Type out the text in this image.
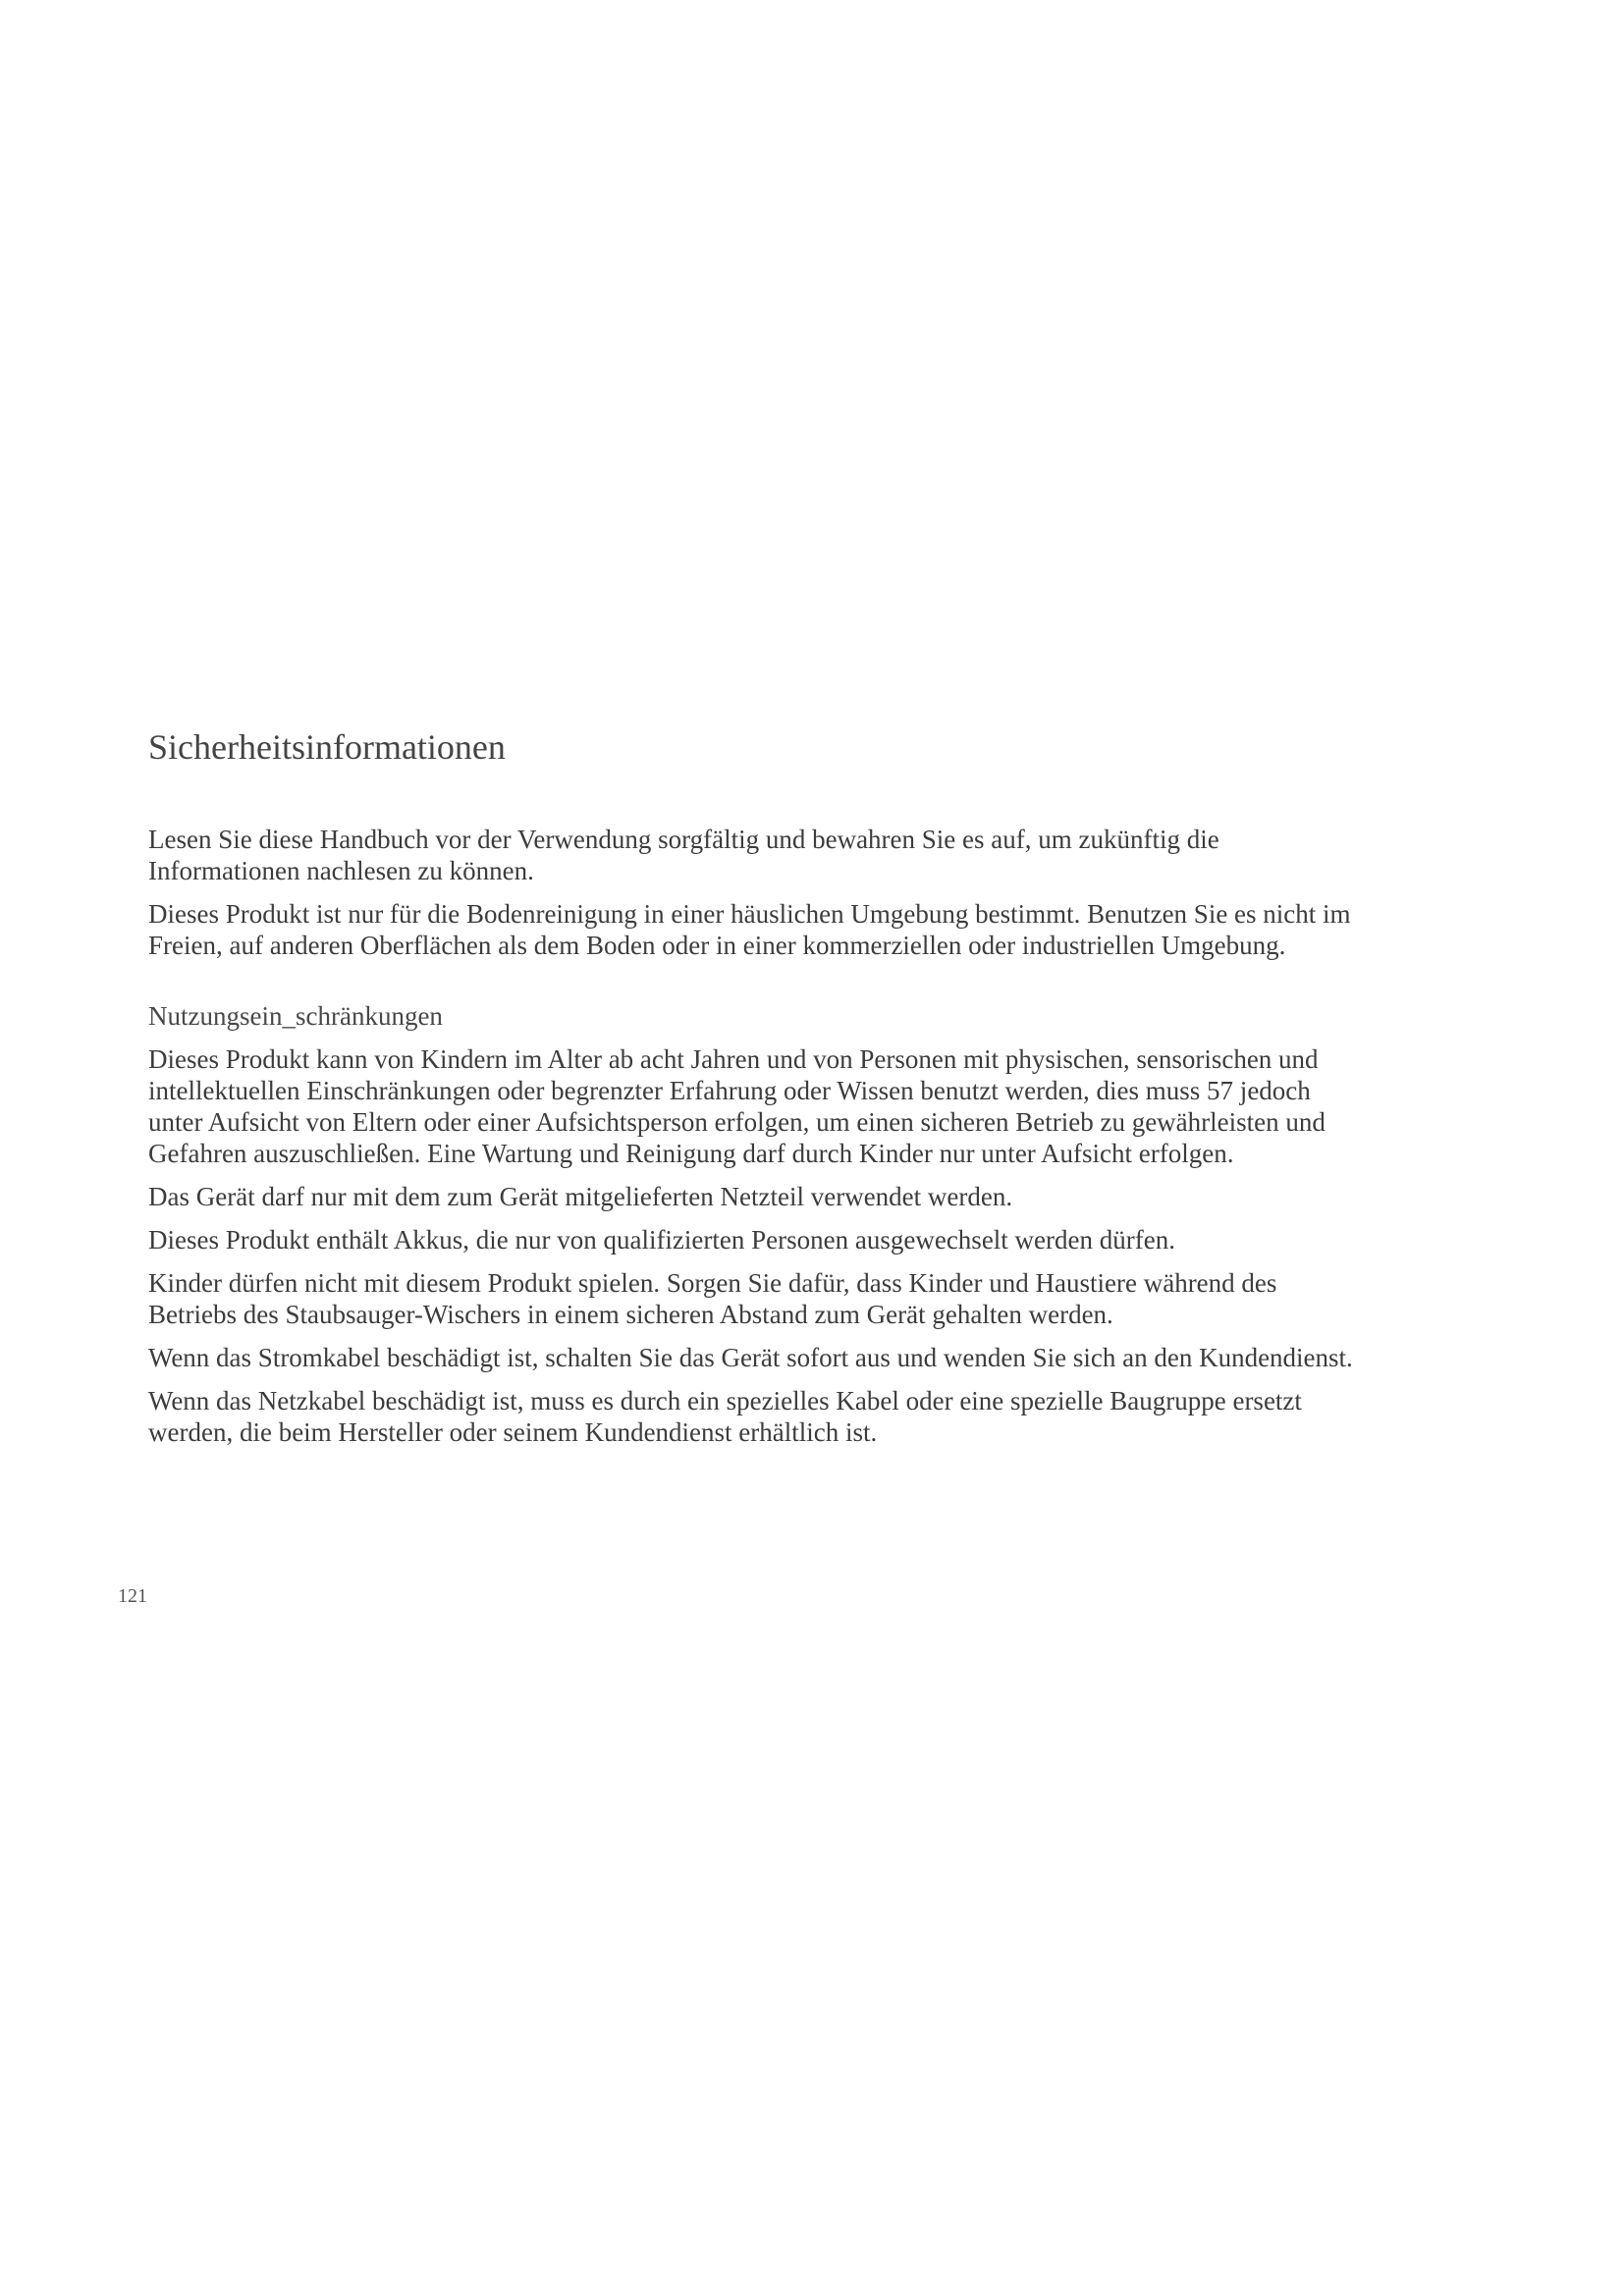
Sicherheitsinformationen

Lesen Sie diese Handbuch vor der Verwendung sorgfältig und bewahren Sie es auf, um zukünftig die Informationen nachlesen zu können.

Dieses Produkt ist nur für die Bodenreinigung in einer häuslichen Umgebung bestimmt. Benutzen Sie es nicht im Freien, auf anderen Oberflächen als dem Boden oder in einer kommerziellen oder industriellen Umgebung.

Nutzungsein_schränkungen

Dieses Produkt kann von Kindern im Alter ab acht Jahren und von Personen mit physischen, sensorischen und intellektuellen Einschränkungen oder begrenzter Erfahrung oder Wissen benutzt werden, dies muss 57 jedoch unter Aufsicht von Eltern oder einer Aufsichtsperson erfolgen, um einen sicheren Betrieb zu gewährleisten und Gefahren auszuschließen. Eine Wartung und Reinigung darf durch Kinder nur unter Aufsicht erfolgen.

Das Gerät darf nur mit dem zum Gerät mitgelieferten Netzteil verwendet werden.

Dieses Produkt enthält Akkus, die nur von qualifizierten Personen ausgewechselt werden dürfen.

Kinder dürfen nicht mit diesem Produkt spielen. Sorgen Sie dafür, dass Kinder und Haustiere während des Betriebs des Staubsauger-Wischers in einem sicheren Abstand zum Gerät gehalten werden.

Wenn das Stromkabel beschädigt ist, schalten Sie das Gerät sofort aus und wenden Sie sich an den Kundendienst.

Wenn das Netzkabel beschädigt ist, muss es durch ein spezielles Kabel oder eine spezielle Baugruppe ersetzt werden, die beim Hersteller oder seinem Kundendienst erhältlich ist.

121
